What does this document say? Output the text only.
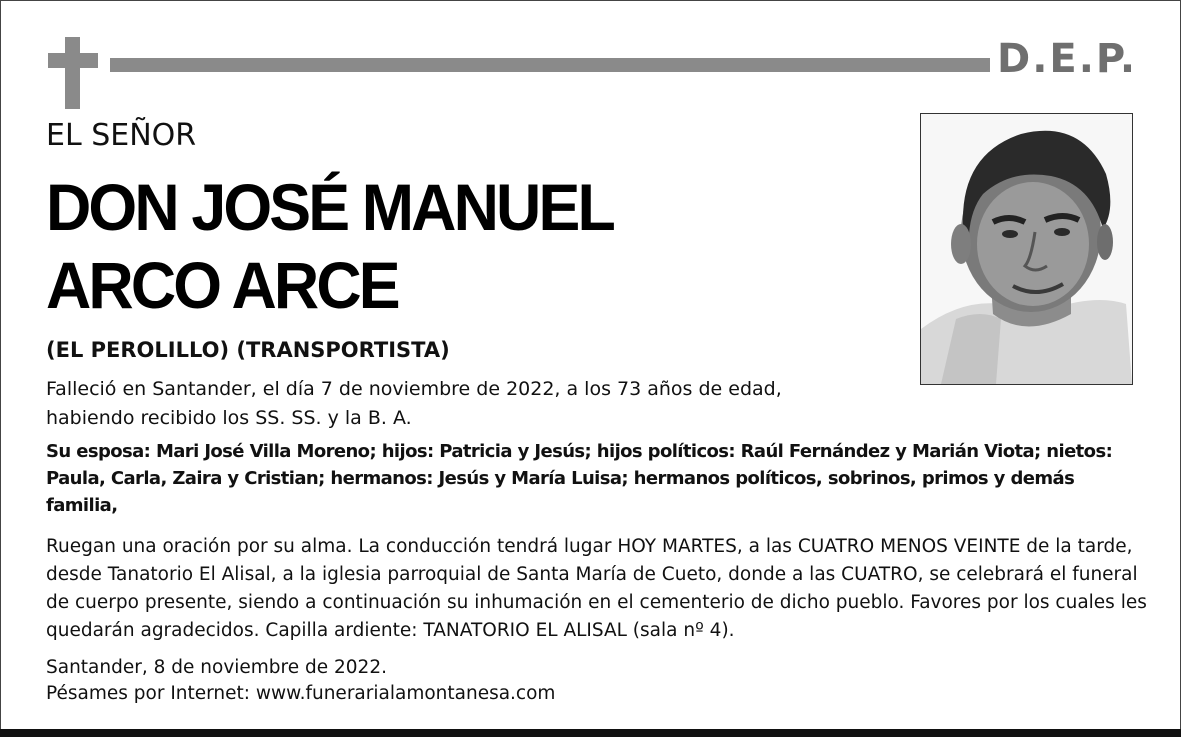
D.E.P.
EL SEÑOR
DON JOSÉ MANUEL
ARCO ARCE
(EL PEROLILLO) (TRANSPORTISTA)
Falleció en Santander, el día 7 de noviembre de 2022, a los 73 años de edad, habiendo recibido los SS. SS. y la B. A.
Su esposa: Mari José Villa Moreno; hijos: Patricia y Jesús; hijos políticos: Raúl Fernández y Marián Viota; nietos: Paula, Carla, Zaira y Cristian; hermanos: Jesús y María Luisa; hermanos políticos, sobrinos, primos y demás familia,
Ruegan una oración por su alma. La conducción tendrá lugar HOY MARTES, a las CUATRO MENOS VEINTE de la tarde, desde Tanatorio El Alisal, a la iglesia parroquial de Santa María de Cueto, donde a las CUATRO, se celebrará el funeral de cuerpo presente, siendo a continuación su inhumación en el cementerio de dicho pueblo. Favores por los cuales les quedarán agradecidos. Capilla ardiente: TANATORIO EL ALISAL (sala nº 4).
Santander, 8 de noviembre de 2022.
Pésames por Internet: www.funerarialamontanesa.com
